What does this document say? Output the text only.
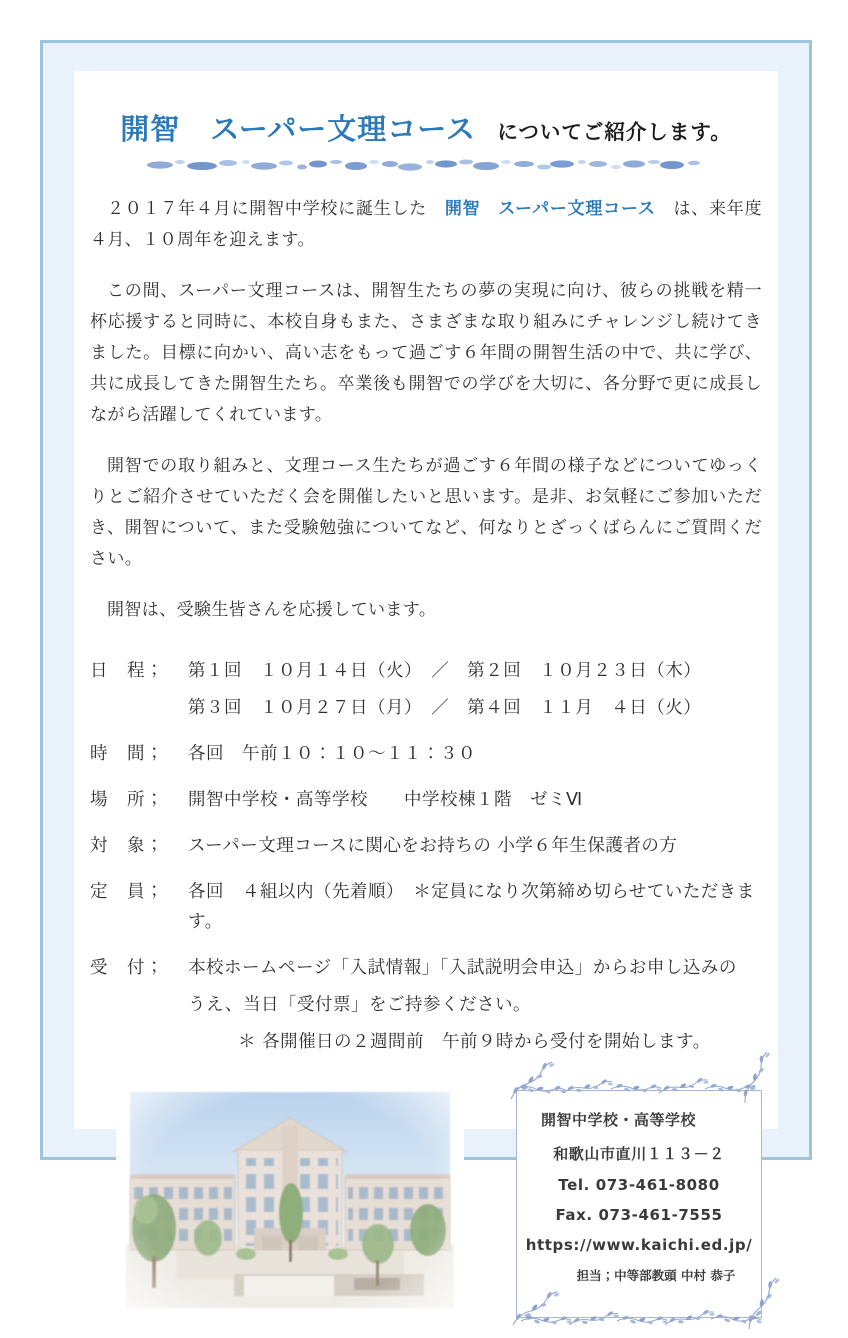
開智　スーパー文理コース　についてご紹介します。

２０１７年４月に開智中学校に誕生した　開智　スーパー文理コース　は、来年度４月、１０周年を迎えます。

この間、スーパー文理コースは、開智生たちの夢の実現に向け、彼らの挑戦を精一杯応援すると同時に、本校自身もまた、さまざまな取り組みにチャレンジし続けてきました。目標に向かい、高い志をもって過ごす６年間の開智生活の中で、共に学び、共に成長してきた開智生たち。卒業後も開智での学びを大切に、各分野で更に成長しながら活躍してくれています。

開智での取り組みと、文理コース生たちが過ごす６年間の様子などについてゆっくりとご紹介させていただく会を開催したいと思います。是非、お気軽にご参加いただき、開智について、また受験勉強についてなど、何なりとざっくばらんにご質問ください。

開智は、受験生皆さんを応援しています。

日　程；	第１回　１０月１４日（火）　／　第２回　１０月２３日（木）
第３回　１０月２７日（月）　／　第４回　１１月　４日（火）
時　間；	各回　午前１０：１０～１１：３０
場　所；	開智中学校・高等学校　　中学校棟１階　ゼミⅥ
対　象；	スーパー文理コースに関心をお持ちの 小学６年生保護者の方
定　員；	各回　４組以内（先着順）　＊定員になり次第締め切らせていただきます。
受　付；	本校ホームページ「入試情報」「入試説明会申込」からお申し込みの
うえ、当日「受付票」をご持参ください。
＊ 各開催日の２週間前　午前９時から受付を開始します。
開智中学校・高等学校
和歌山市直川１１３－２
Tel. 073-461-8080
Fax. 073-461-7555
https://www.kaichi.ed.jp/
担当；中等部教頭 中村 恭子
